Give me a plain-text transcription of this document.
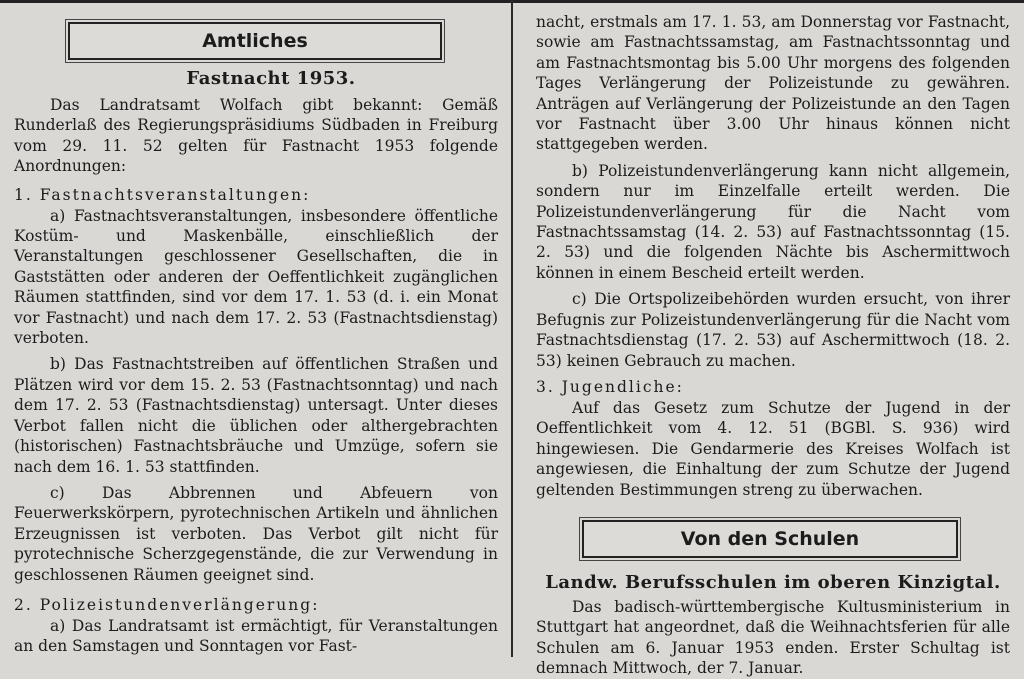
Amtliches
Fastnacht 1953.

Das Landratsamt Wolfach gibt bekannt: Gemäß Runderlaß des Regierungspräsidiums Südbaden in Freiburg vom 29. 11. 52 gelten für Fastnacht 1953 folgende Anordnungen:

1. Fastnachtsveranstaltungen:

a) Fastnachtsveranstaltungen, insbesondere öffentliche Kostüm- und Maskenbälle, einschließlich der Veranstaltungen geschlossener Gesellschaften, die in Gaststätten oder anderen der Oeffentlichkeit zugänglichen Räumen stattfinden, sind vor dem 17. 1. 53 (d. i. ein Monat vor Fastnacht) und nach dem 17. 2. 53 (Fastnachtsdienstag) verboten.

b) Das Fastnachtstreiben auf öffentlichen Straßen und Plätzen wird vor dem 15. 2. 53 (Fastnachtsonntag) und nach dem 17. 2. 53 (Fastnachtsdienstag) untersagt. Unter dieses Verbot fallen nicht die üblichen oder althergebrachten (historischen) Fastnachtsbräuche und Umzüge, sofern sie nach dem 16. 1. 53 stattfinden.

c) Das Abbrennen und Abfeuern von Feuerwerkskörpern, pyrotechnischen Artikeln und ähnlichen Erzeugnissen ist verboten. Das Verbot gilt nicht für pyrotechnische Scherzgegenstände, die zur Verwendung in geschlossenen Räumen geeignet sind.

2. Polizeistundenverlängerung:

a) Das Landratsamt ist ermächtigt, für Veranstaltungen an den Samstagen und Sonntagen vor Fast-

nacht, erstmals am 17. 1. 53, am Donnerstag vor Fastnacht, sowie am Fastnachtssamstag, am Fastnachtssonntag und am Fastnachtsmontag bis 5.00 Uhr morgens des folgenden Tages Verlängerung der Polizeistunde zu gewähren. Anträgen auf Verlängerung der Polizeistunde an den Tagen vor Fastnacht über 3.00 Uhr hinaus können nicht stattgegeben werden.

b) Polizeistundenverlängerung kann nicht allgemein, sondern nur im Einzelfalle erteilt werden. Die Polizeistundenverlängerung für die Nacht vom Fastnachtssamstag (14. 2. 53) auf Fastnachtssonntag (15. 2. 53) und die folgenden Nächte bis Aschermittwoch können in einem Bescheid erteilt werden.

c) Die Ortspolizeibehörden wurden ersucht, von ihrer Befugnis zur Polizeistundenverlängerung für die Nacht vom Fastnachtsdienstag (17. 2. 53) auf Aschermittwoch (18. 2. 53) keinen Gebrauch zu machen.

3. Jugendliche:

Auf das Gesetz zum Schutze der Jugend in der Oeffentlichkeit vom 4. 12. 51 (BGBl. S. 936) wird hingewiesen. Die Gendarmerie des Kreises Wolfach ist angewiesen, die Einhaltung der zum Schutze der Jugend geltenden Bestimmungen streng zu überwachen.

Von den Schulen
Landw. Berufsschulen im oberen Kinzigtal.

Das badisch-württembergische Kultusministerium in Stuttgart hat angeordnet, daß die Weihnachtsferien für alle Schulen am 6. Januar 1953 enden. Erster Schultag ist demnach Mittwoch, der 7. Januar.
